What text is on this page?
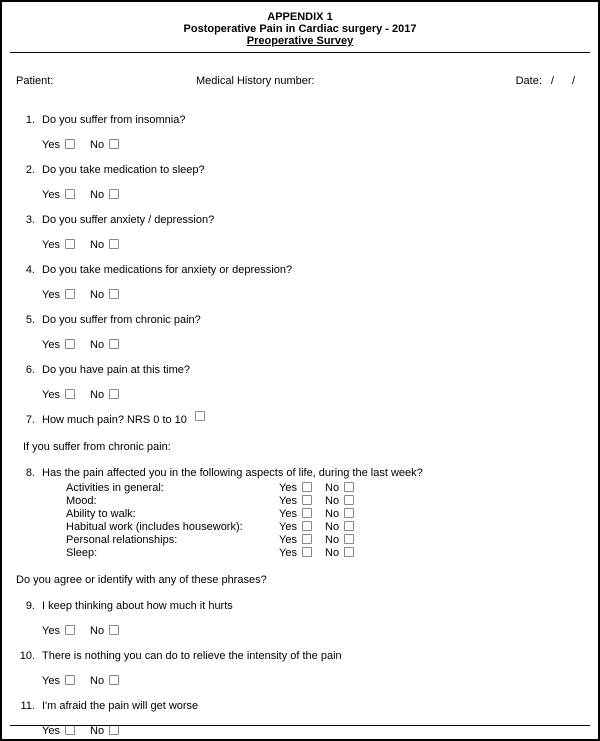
APPENDIX 1
Postoperative Pain in Cardiac surgery - 2017
Preoperative Survey
Patient:	Medical History number:	Date: / /
1. Do you suffer from insomnia?
Yes	No
2. Do you take medication to sleep?
Yes	No
3. Do you suffer anxiety / depression?
Yes	No
4. Do you take medications for anxiety or depression?
Yes	No
5. Do you suffer from chronic pain?
Yes	No
6. Do you have pain at this time?
Yes	No
7. How much pain? NRS 0 to 10
If you suffer from chronic pain:
8. Has the pain affected you in the following aspects of life, during the last week?
Activities in general:	Yes	No
Mood:	Yes	No
Ability to walk:	Yes	No
Habitual work (includes housework):	Yes	No
Personal relationships:	Yes	No
Sleep:	Yes	No
Do you agree or identify with any of these phrases?
9. I keep thinking about how much it hurts
Yes	No
10. There is nothing you can do to relieve the intensity of the pain
Yes	No
11. I'm afraid the pain will get worse
Yes	No
